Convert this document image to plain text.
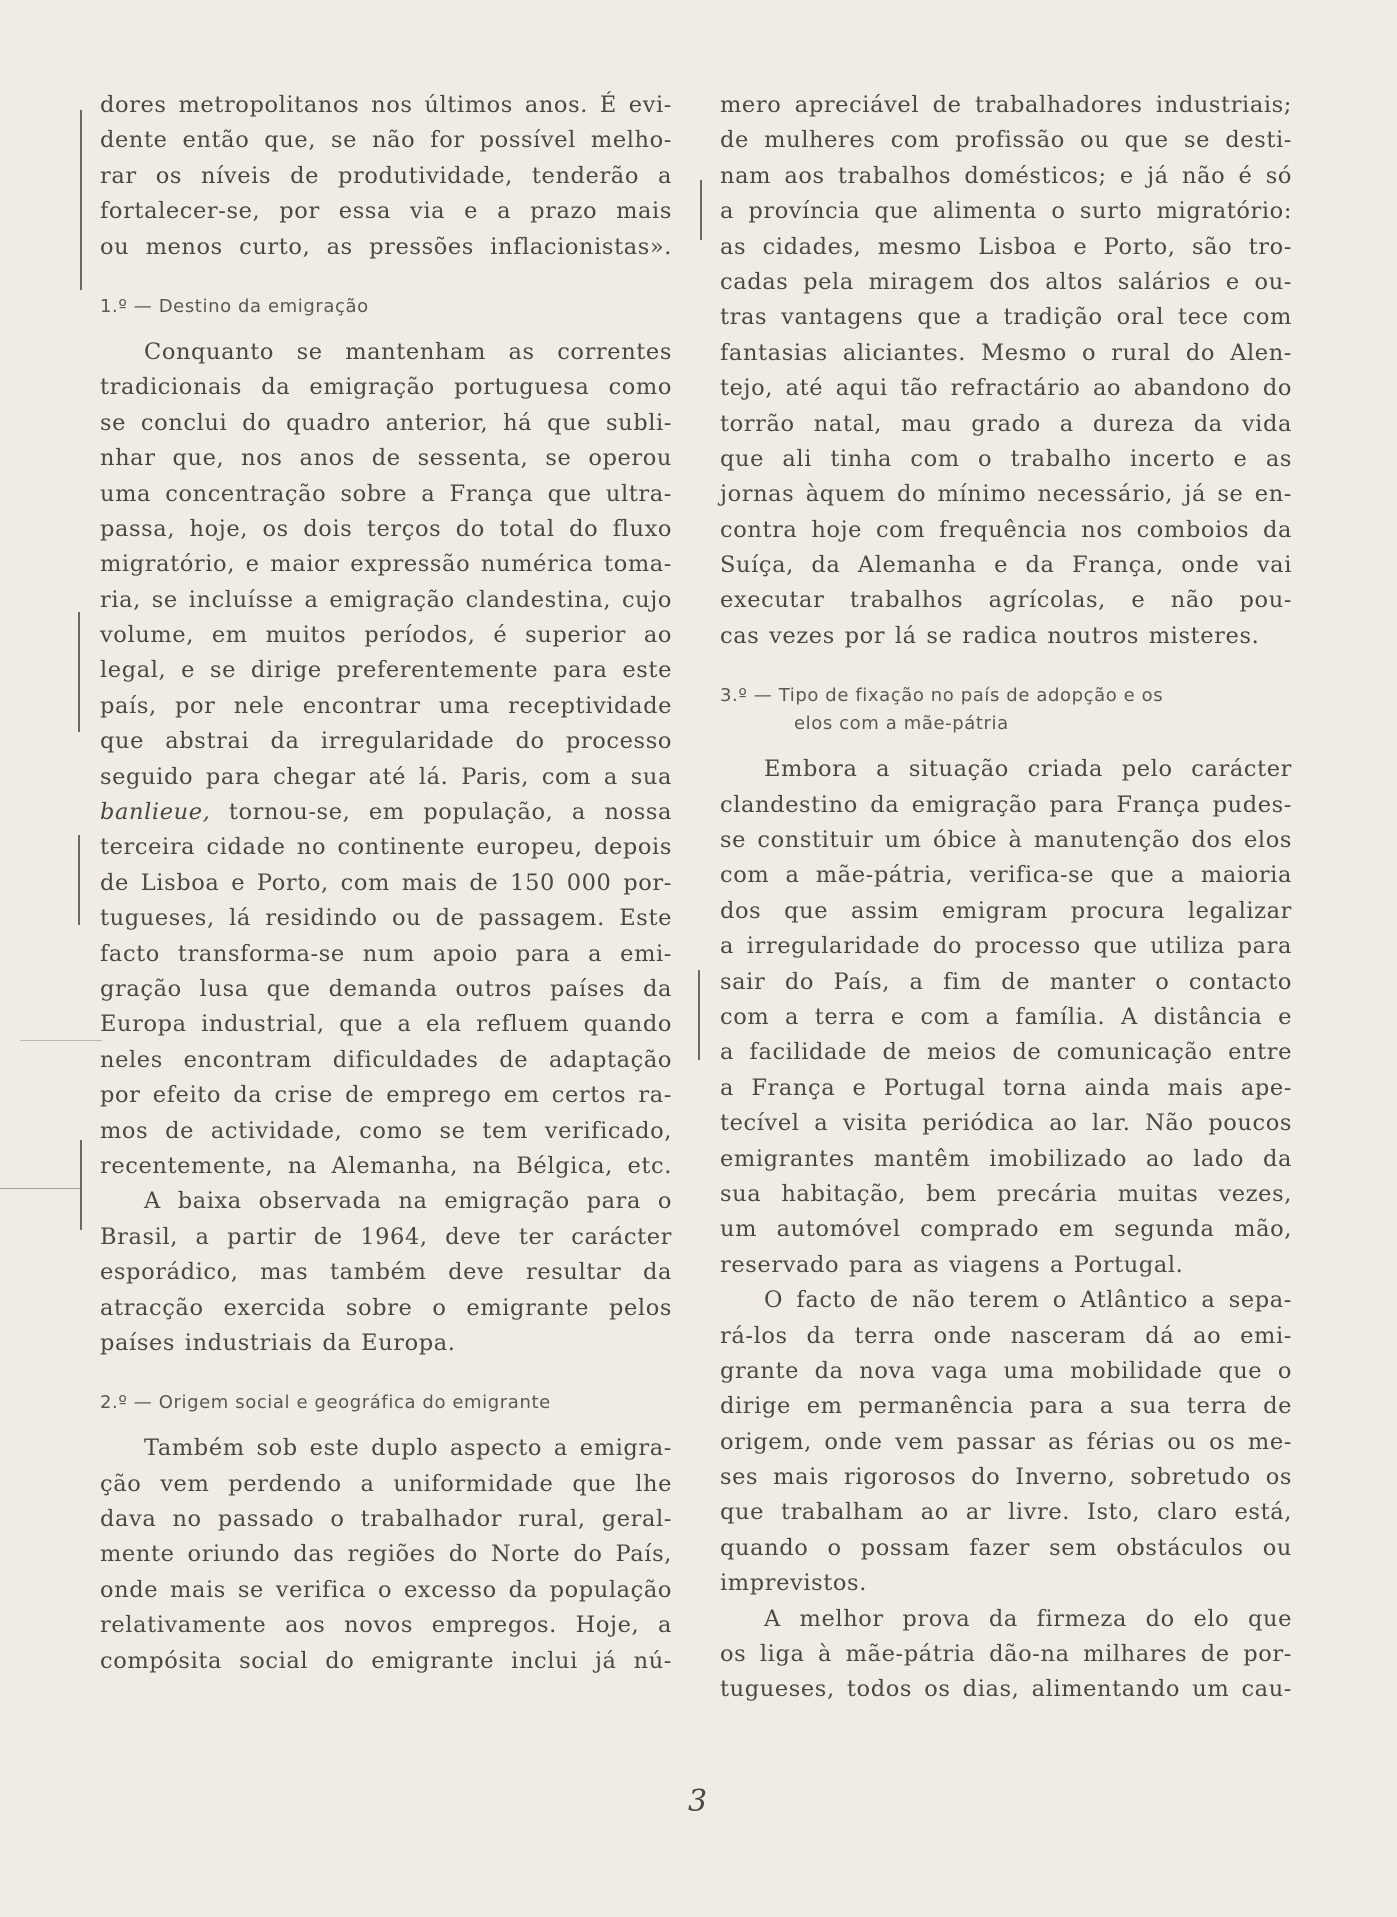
dores metropolitanos nos últimos anos. É evi-
dente então que, se não for possível melho-
rar os níveis de produtividade, tenderão a
fortalecer-se, por essa via e a prazo mais
ou menos curto, as pressões inflacionistas».
1.º — Destino da emigração
Conquanto se mantenham as correntes
tradicionais da emigração portuguesa como
se conclui do quadro anterior, há que subli-
nhar que, nos anos de sessenta, se operou
uma concentração sobre a França que ultra-
passa, hoje, os dois terços do total do fluxo
migratório, e maior expressão numérica toma-
ria, se incluísse a emigração clandestina, cujo
volume, em muitos períodos, é superior ao
legal, e se dirige preferentemente para este
país, por nele encontrar uma receptividade
que abstrai da irregularidade do processo
seguido para chegar até lá. Paris, com a sua
banlieue, tornou-se, em população, a nossa
terceira cidade no continente europeu, depois
de Lisboa e Porto, com mais de 150 000 por-
tugueses, lá residindo ou de passagem. Este
facto transforma-se num apoio para a emi-
gração lusa que demanda outros países da
Europa industrial, que a ela refluem quando
neles encontram dificuldades de adaptação
por efeito da crise de emprego em certos ra-
mos de actividade, como se tem verificado,
recentemente, na Alemanha, na Bélgica, etc.
A baixa observada na emigração para o
Brasil, a partir de 1964, deve ter carácter
esporádico, mas também deve resultar da
atracção exercida sobre o emigrante pelos
países industriais da Europa.
2.º — Origem social e geográfica do emigrante
Também sob este duplo aspecto a emigra-
ção vem perdendo a uniformidade que lhe
dava no passado o trabalhador rural, geral-
mente oriundo das regiões do Norte do País,
onde mais se verifica o excesso da população
relativamente aos novos empregos. Hoje, a
compósita social do emigrante inclui já nú-
mero apreciável de trabalhadores industriais;
de mulheres com profissão ou que se desti-
nam aos trabalhos domésticos; e já não é só
a província que alimenta o surto migratório:
as cidades, mesmo Lisboa e Porto, são tro-
cadas pela miragem dos altos salários e ou-
tras vantagens que a tradição oral tece com
fantasias aliciantes. Mesmo o rural do Alen-
tejo, até aqui tão refractário ao abandono do
torrão natal, mau grado a dureza da vida
que ali tinha com o trabalho incerto e as
jornas àquem do mínimo necessário, já se en-
contra hoje com frequência nos comboios da
Suíça, da Alemanha e da França, onde vai
executar trabalhos agrícolas, e não pou-
cas vezes por lá se radica noutros misteres.
3.º — Tipo de fixação no país de adopção e os
elos com a mãe-pátria
Embora a situação criada pelo carácter
clandestino da emigração para França pudes-
se constituir um óbice à manutenção dos elos
com a mãe-pátria, verifica-se que a maioria
dos que assim emigram procura legalizar
a irregularidade do processo que utiliza para
sair do País, a fim de manter o contacto
com a terra e com a família. A distância e
a facilidade de meios de comunicação entre
a França e Portugal torna ainda mais ape-
tecível a visita periódica ao lar. Não poucos
emigrantes mantêm imobilizado ao lado da
sua habitação, bem precária muitas vezes,
um automóvel comprado em segunda mão,
reservado para as viagens a Portugal.
O facto de não terem o Atlântico a sepa-
rá-los da terra onde nasceram dá ao emi-
grante da nova vaga uma mobilidade que o
dirige em permanência para a sua terra de
origem, onde vem passar as férias ou os me-
ses mais rigorosos do Inverno, sobretudo os
que trabalham ao ar livre. Isto, claro está,
quando o possam fazer sem obstáculos ou
imprevistos.
A melhor prova da firmeza do elo que
os liga à mãe-pátria dão-na milhares de por-
tugueses, todos os dias, alimentando um cau-
3
